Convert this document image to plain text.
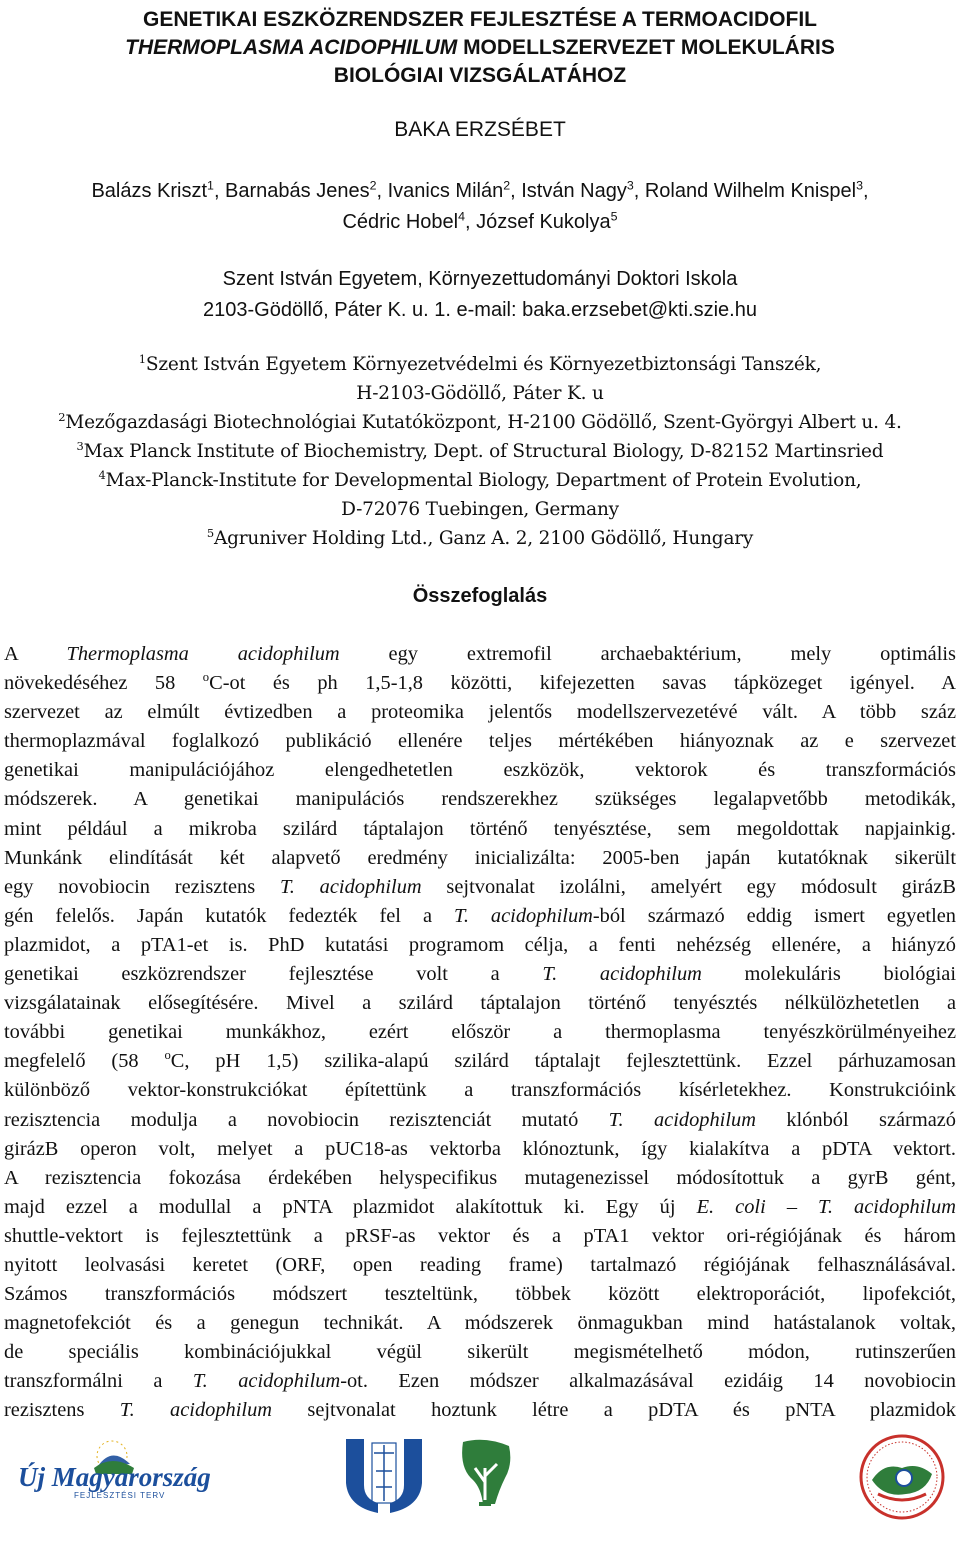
GENETIKAI ESZKÖZRENDSZER FEJLESZTÉSE A TERMOACIDOFIL
THERMOPLASMA ACIDOPHILUM MODELLSZERVEZET MOLEKULÁRIS
BIOLÓGIAI VIZSGÁLATÁHOZ
BAKA ERZSÉBET
Balázs Kriszt$^1$, Barnabás Jenes$^2$, Ivanics Milán$^2$, István Nagy$^3$, Roland Wilhelm Knispel$^3$,
Cédric Hobel$^4$, József Kukolya$^5$
Szent István Egyetem, Környezettudományi Doktori Iskola
2103-Gödöllő, Páter K. u. 1. e-mail: baka.erzsebet@kti.szie.hu
$^1$Szent István Egyetem Környezetvédelmi és Környezetbiztonsági Tanszék,
H-2103-Gödöllő, Páter K. u
$^2$Mezőgazdasági Biotechnológiai Kutatóközpont, H-2100 Gödöllő, Szent-Györgyi Albert u. 4.
$^3$Max Planck Institute of Biochemistry, Dept. of Structural Biology, D-82152 Martinsried
$^4$Max-Planck-Institute for Developmental Biology, Department of Protein Evolution,
D-72076 Tuebingen, Germany
$^5$Agruniver Holding Ltd., Ganz A. 2, 2100 Gödöllő, Hungary
Összefoglalás
A Thermoplasma acidophilum egy extremofil archaebaktérium, mely optimális
növekedéséhez 58 $^o$C-ot és ph 1,5-1,8 közötti, kifejezetten savas tápközeget igényel. A
szervezet az elmúlt évtizedben a proteomika jelentős modellszervezetévé vált. A több száz
thermoplazmával foglalkozó publikáció ellenére teljes mértékében hiányoznak az e szervezet
genetikai manipulációjához elengedhetetlen eszközök, vektorok és transzformációs
módszerek. A genetikai manipulációs rendszerekhez szükséges legalapvetőbb metodikák,
mint például a mikroba szilárd táptalajon történő tenyésztése, sem megoldottak napjainkig.
Munkánk elindítását két alapvető eredmény inicializálta: 2005-ben japán kutatóknak sikerült
egy novobiocin rezisztens T. acidophilum sejtvonalat izolálni, amelyért egy módosult girázB
gén felelős. Japán kutatók fedezték fel a T. acidophilum-ból származó eddig ismert egyetlen
plazmidot, a pTA1-et is. PhD kutatási programom célja, a fenti nehézség ellenére, a hiányzó
genetikai eszközrendszer fejlesztése volt a T. acidophilum molekuláris biológiai
vizsgálatainak elősegítésére. Mivel a szilárd táptalajon történő tenyésztés nélkülözhetetlen a
további genetikai munkákhoz, ezért először a thermoplasma tenyészkörülményeihez
megfelelő (58 $^o$C, pH 1,5) szilika-alapú szilárd táptalajt fejlesztettünk. Ezzel párhuzamosan
különböző vektor-konstrukciókat építettünk a transzformációs kísérletekhez. Konstrukcióink
rezisztencia modulja a novobiocin rezisztenciát mutató T. acidophilum klónból származó
girázB operon volt, melyet a pUC18-as vektorba klónoztunk, így kialakítva a pDTA vektort.
A rezisztencia fokozása érdekében helyspecifikus mutagenezissel módosítottuk a gyrB gént,
majd ezzel a modullal a pNTA plazmidot alakítottuk ki. Egy új E. coli – T. acidophilum
shuttle-vektort is fejlesztettünk a pRSF-as vektor és a pTA1 vektor ori-régiójának és három
nyitott leolvasási keretet (ORF, open reading frame) tartalmazó régiójának felhasználásával.
Számos transzformációs módszert teszteltünk, többek között elektroporációt, lipofekciót,
magnetofekciót és a genegun technikát. A módszerek önmagukban mind hatástalanok voltak,
de speciális kombinációjukkal végül sikerült megismételhető módon, rutinszerűen
transzformálni a T. acidophilum-ot. Ezen módszer alkalmazásával ezidáig 14 novobiocin
rezisztens T. acidophilum sejtvonalat hoztunk létre a pDTA és pNTA plazmidok
Új Magyarország
FEJLESZTÉSI TERV
